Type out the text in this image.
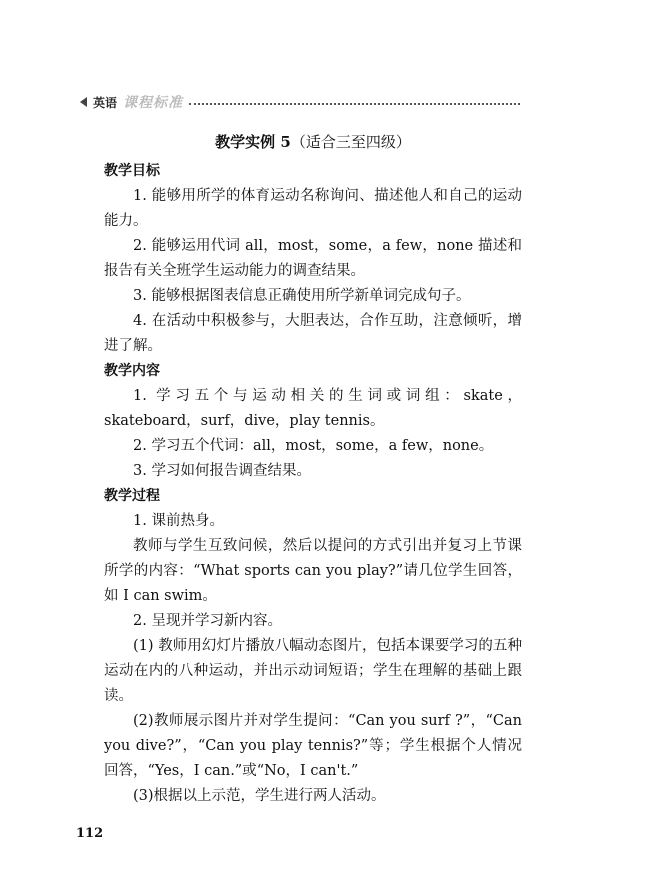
英语 课程标准

教学实例 5（适合三至四级）

教学目标

1. 能够用所学的体育运动名称询问、描述他人和自己的运动能力。

2. 能够运用代词 all，most，some，a few，none 描述和报告有关全班学生运动能力的调查结果。

3. 能够根据图表信息正确使用所学新单词完成句子。

4. 在活动中积极参与，大胆表达，合作互助，注意倾听，增进了解。

教学内容

1. 学习五个与运动相关的生词或词组：skate，skateboard，surf，dive，play tennis。

2. 学习五个代词：all，most，some，a few，none。

3. 学习如何报告调查结果。

教学过程

1. 课前热身。

教师与学生互致问候，然后以提问的方式引出并复习上节课所学的内容：“What sports can you play?”请几位学生回答，如 I can swim。

2. 呈现并学习新内容。

(1) 教师用幻灯片播放八幅动态图片，包括本课要学习的五种运动在内的八种运动，并出示动词短语；学生在理解的基础上跟读。

(2)教师展示图片并对学生提问：“Can you surf ?”，“Can you dive?”，“Can you play tennis?”等；学生根据个人情况回答，“Yes，I can.”或“No，I can't.”

(3)根据以上示范，学生进行两人活动。

112
